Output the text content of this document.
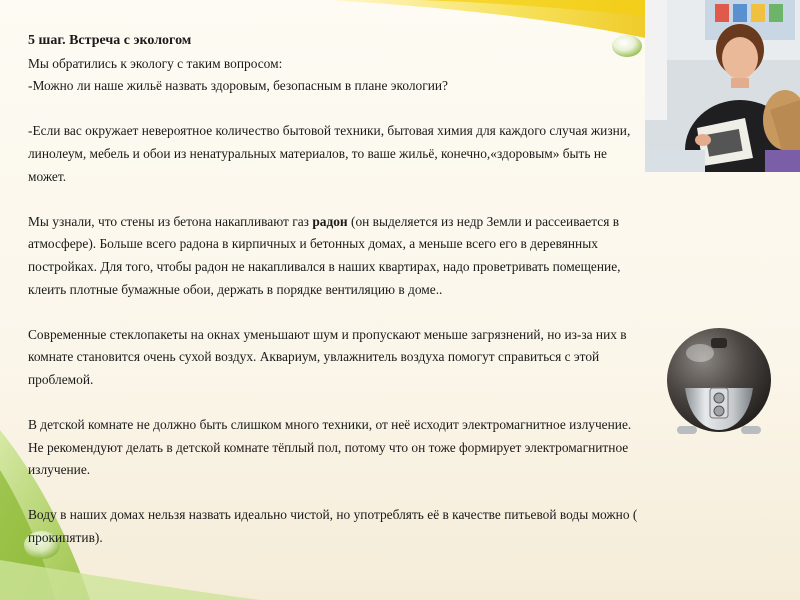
5 шаг. Встреча с экологом

Мы обратились к экологу с таким вопросом:

-Можно ли наше жильё назвать здоровым, безопасным в плане экологии?

-Если вас окружает невероятное количество бытовой техники, бытовая химия для каждого случая жизни, линолеум, мебель и обои из ненатуральных материалов, то ваше жильё, конечно,«здоровым» быть не может.

Мы узнали, что стены из бетона накапливают газ радон (он выделяется из недр Земли и рассеивается в атмосфере). Больше всего радона в кирпичных и бетонных домах, а меньше всего его в деревянных постройках. Для того, чтобы радон не накапливался в наших квартирах, надо проветривать помещение, клеить плотные бумажные обои, держать в порядке вентиляцию в доме..

Современные стеклопакеты на окнах уменьшают шум и пропускают меньше загрязнений, но из-за них в комнате становится очень сухой воздух. Аквариум, увлажнитель воздуха помогут справиться с этой проблемой.

В детской комнате не должно быть слишком много техники, от неё исходит электромагнитное излучение. Не рекомендуют делать в детской комнате тёплый пол, потому что он тоже формирует электромагнитное излучение.

Воду в наших домах нельзя назвать идеально чистой, но употреблять её в качестве питьевой воды можно ( прокипятив).
